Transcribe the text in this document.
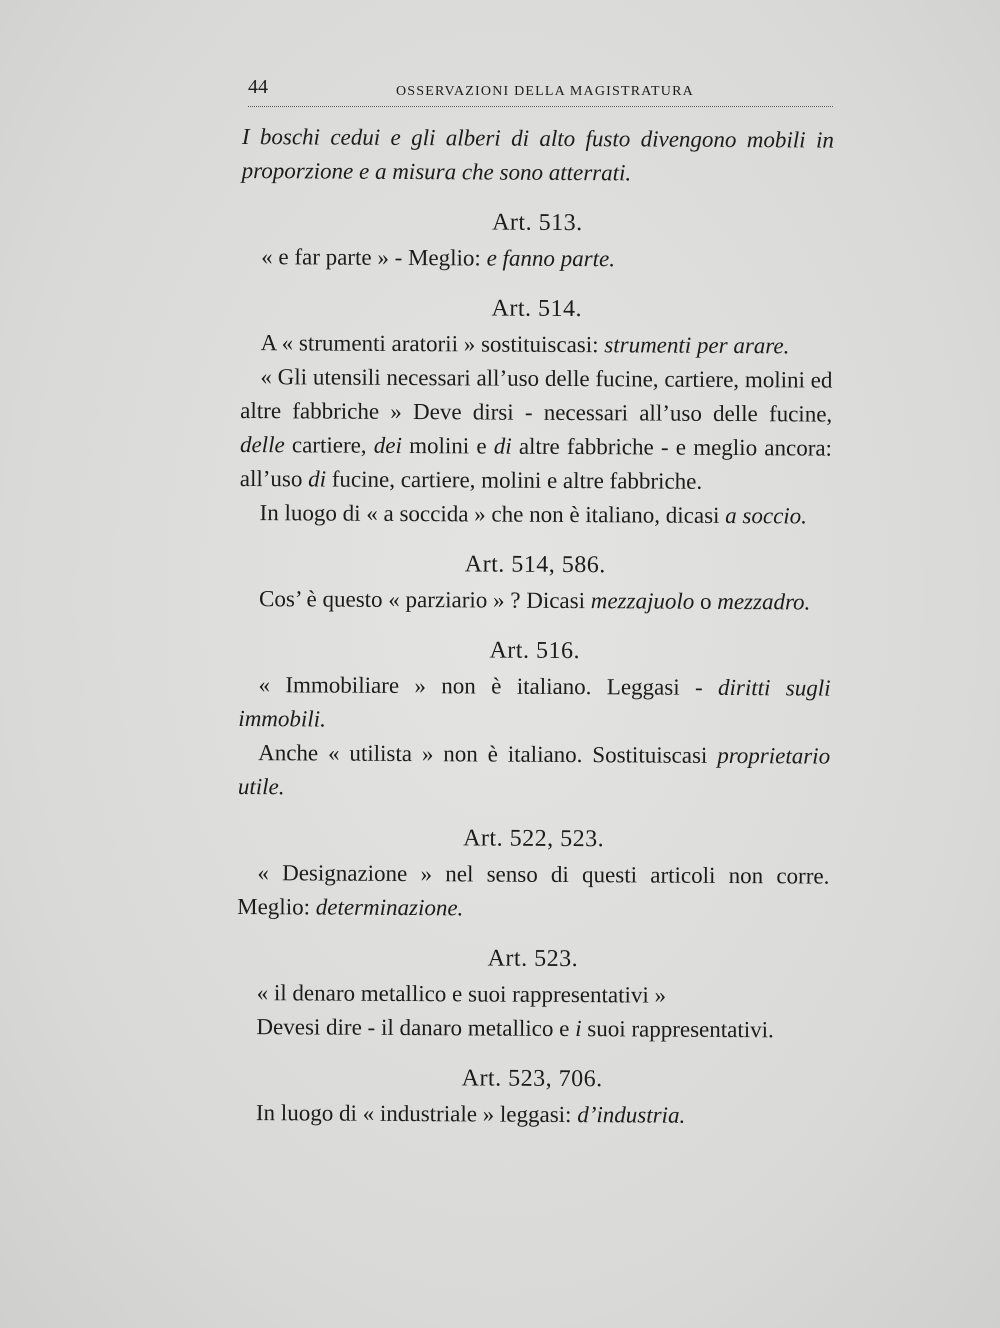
44	OSSERVAZIONI DELLA MAGISTRATURA
I boschi cedui e gli alberi di alto fusto divengono mobili in proporzione e a misura che sono atterrati.
Art. 513.
« e far parte » - Meglio: e fanno parte.
Art. 514.
A « strumenti aratorii » sostituiscasi: strumenti per arare.
« Gli utensili necessari all’uso delle fucine, cartiere, molini ed altre fabbriche » Deve dirsi - necessari all’uso delle fucine, delle cartiere, dei molini e di altre fabbriche - e meglio ancora: all’uso di fucine, cartiere, molini e altre fabbriche.
In luogo di « a soccida » che non è italiano, dicasi a soccio.
Art. 514, 586.
Cos’ è questo « parziario » ? Dicasi mezzajuolo o mezzadro.
Art. 516.
« Immobiliare » non è italiano. Leggasi - diritti sugli immobili.
Anche « utilista » non è italiano. Sostituiscasi proprietario utile.
Art. 522, 523.
« Designazione » nel senso di questi articoli non corre. Meglio: determinazione.
Art. 523.
« il denaro metallico e suoi rappresentativi »
Devesi dire - il danaro metallico e i suoi rappresentativi.
Art. 523, 706.
In luogo di « industriale » leggasi: d’industria.
